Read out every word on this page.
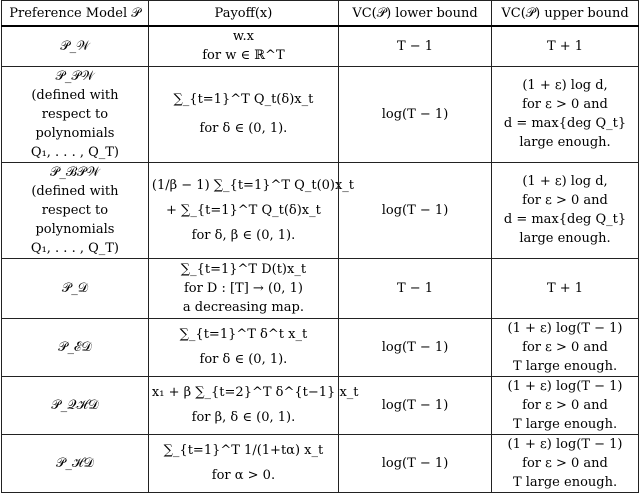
Preference Model 𝒫	Payoff(x)	VC(𝒫) lower bound	VC(𝒫) upper bound

𝒫_𝒲	w.x
for w ∈ ℝ^T	T − 1	T + 1

𝒫_𝒫𝒲
(defined with
respect to
polynomials
Q₁, . . . , Q_T)	∑_{t=1}^T Q_t(δ)x_t
for δ ∈ (0, 1).	log(T − 1)	(1 + ε) log d,
for ε > 0 and
d = max{deg Q_t}
large enough.

𝒫_ℬ𝒫𝒲
(defined with
respect to
polynomials
Q₁, . . . , Q_T)	(1/β − 1) ∑_{t=1}^T Q_t(0)x_t
+ ∑_{t=1}^T Q_t(δ)x_t
for δ, β ∈ (0, 1).	log(T − 1)	(1 + ε) log d,
for ε > 0 and
d = max{deg Q_t}
large enough.

𝒫_𝒟	∑_{t=1}^T D(t)x_t
for D : [T] → (0, 1)
a decreasing map.	T − 1	T + 1

𝒫_ℰ𝒟	∑_{t=1}^T δ^t x_t
for δ ∈ (0, 1).	log(T − 1)	(1 + ε) log(T − 1)
for ε > 0 and
T large enough.

𝒫_𝒬ℋ𝒟	x₁ + β ∑_{t=2}^T δ^{t−1} x_t
for β, δ ∈ (0, 1).	log(T − 1)	(1 + ε) log(T − 1)
for ε > 0 and
T large enough.

𝒫_ℋ𝒟	∑_{t=1}^T 1/(1+tα) x_t
for α > 0.	log(T − 1)	(1 + ε) log(T − 1)
for ε > 0 and
T large enough.
